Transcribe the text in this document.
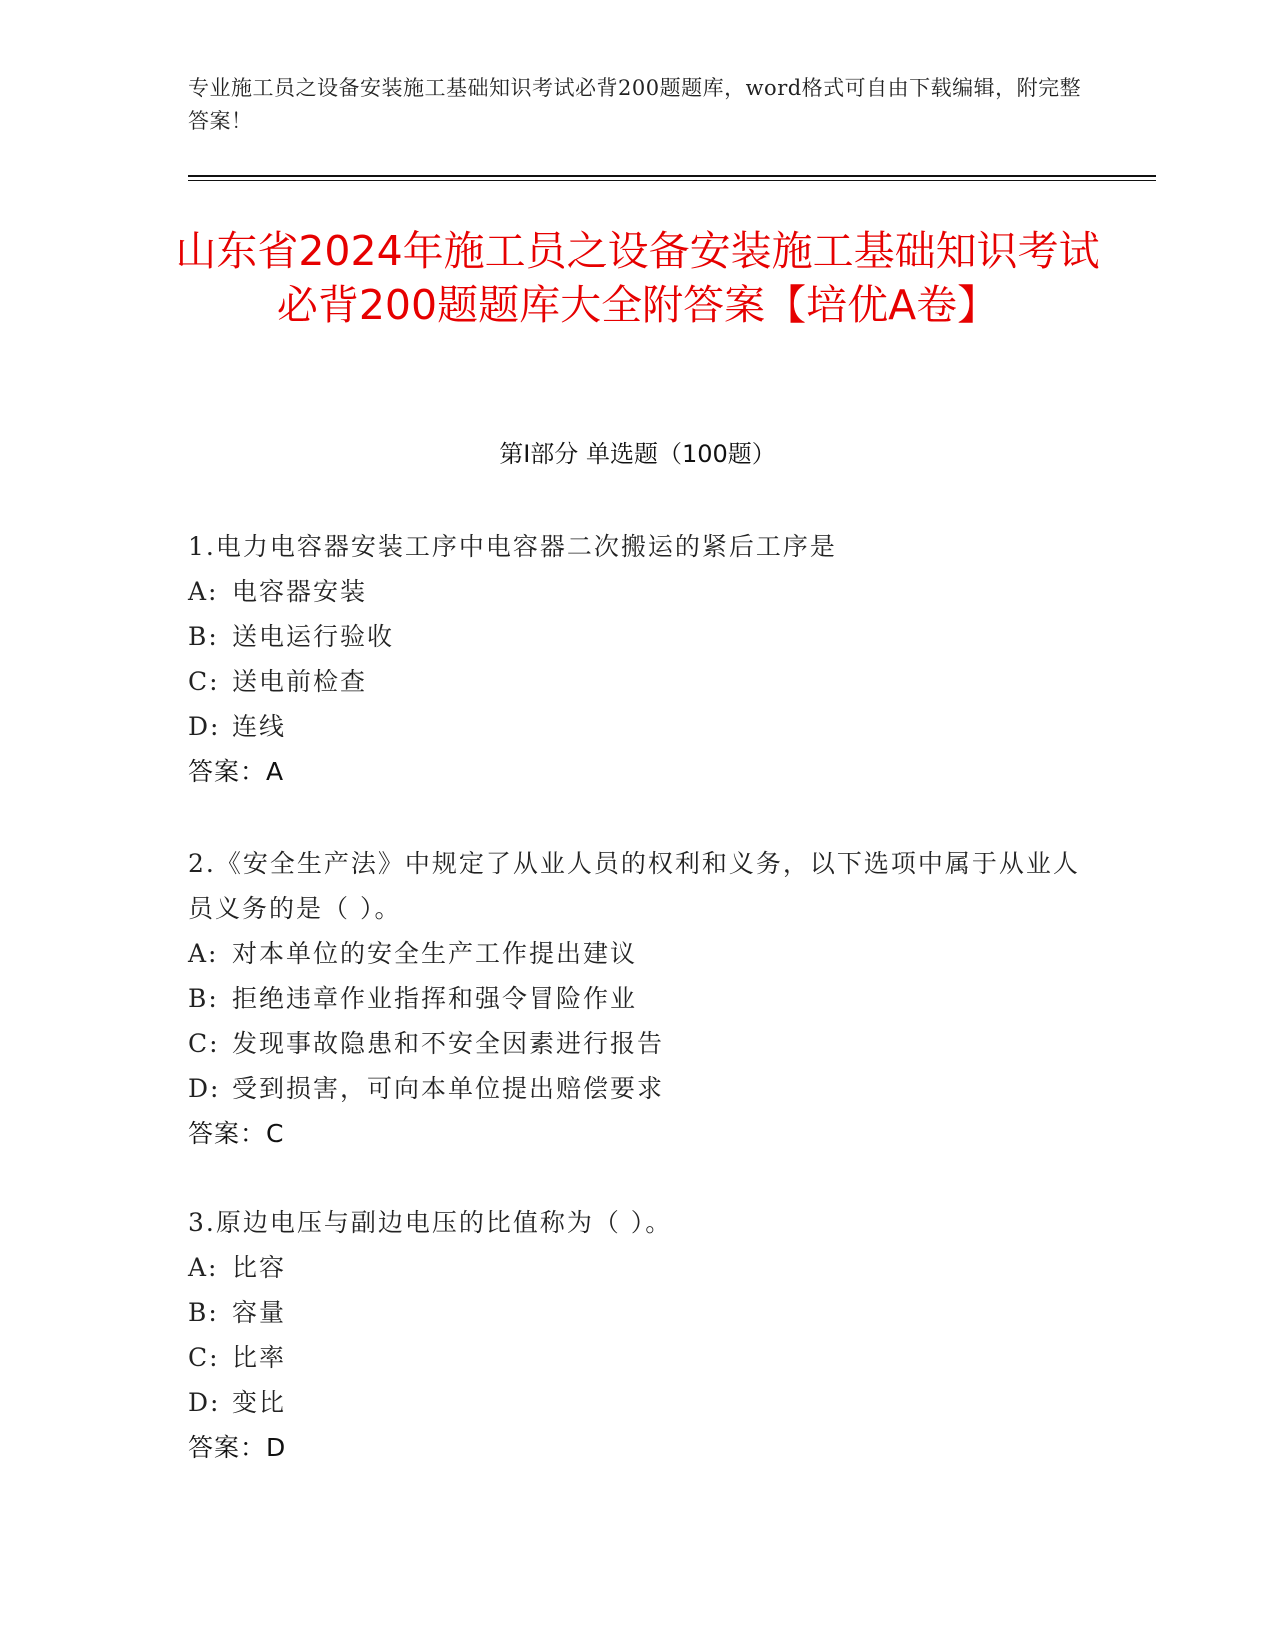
专业施工员之设备安装施工基础知识考试必背200题题库，word格式可自由下载编辑，附完整答案！
山东省2024年施工员之设备安装施工基础知识考试必背200题题库大全附答案【培优A卷】
第Ⅰ部分 单选题（100题）
1.电力电容器安装工序中电容器二次搬运的紧后工序是
A: 电容器安装
B: 送电运行验收
C: 送电前检查
D: 连线
答案：A
2.《安全生产法》中规定了从业人员的权利和义务，以下选项中属于从业人员义务的是（ ）。
A: 对本单位的安全生产工作提出建议
B: 拒绝违章作业指挥和强令冒险作业
C: 发现事故隐患和不安全因素进行报告
D: 受到损害，可向本单位提出赔偿要求
答案：C
3.原边电压与副边电压的比值称为（ ）。
A: 比容
B: 容量
C: 比率
D: 变比
答案：D
